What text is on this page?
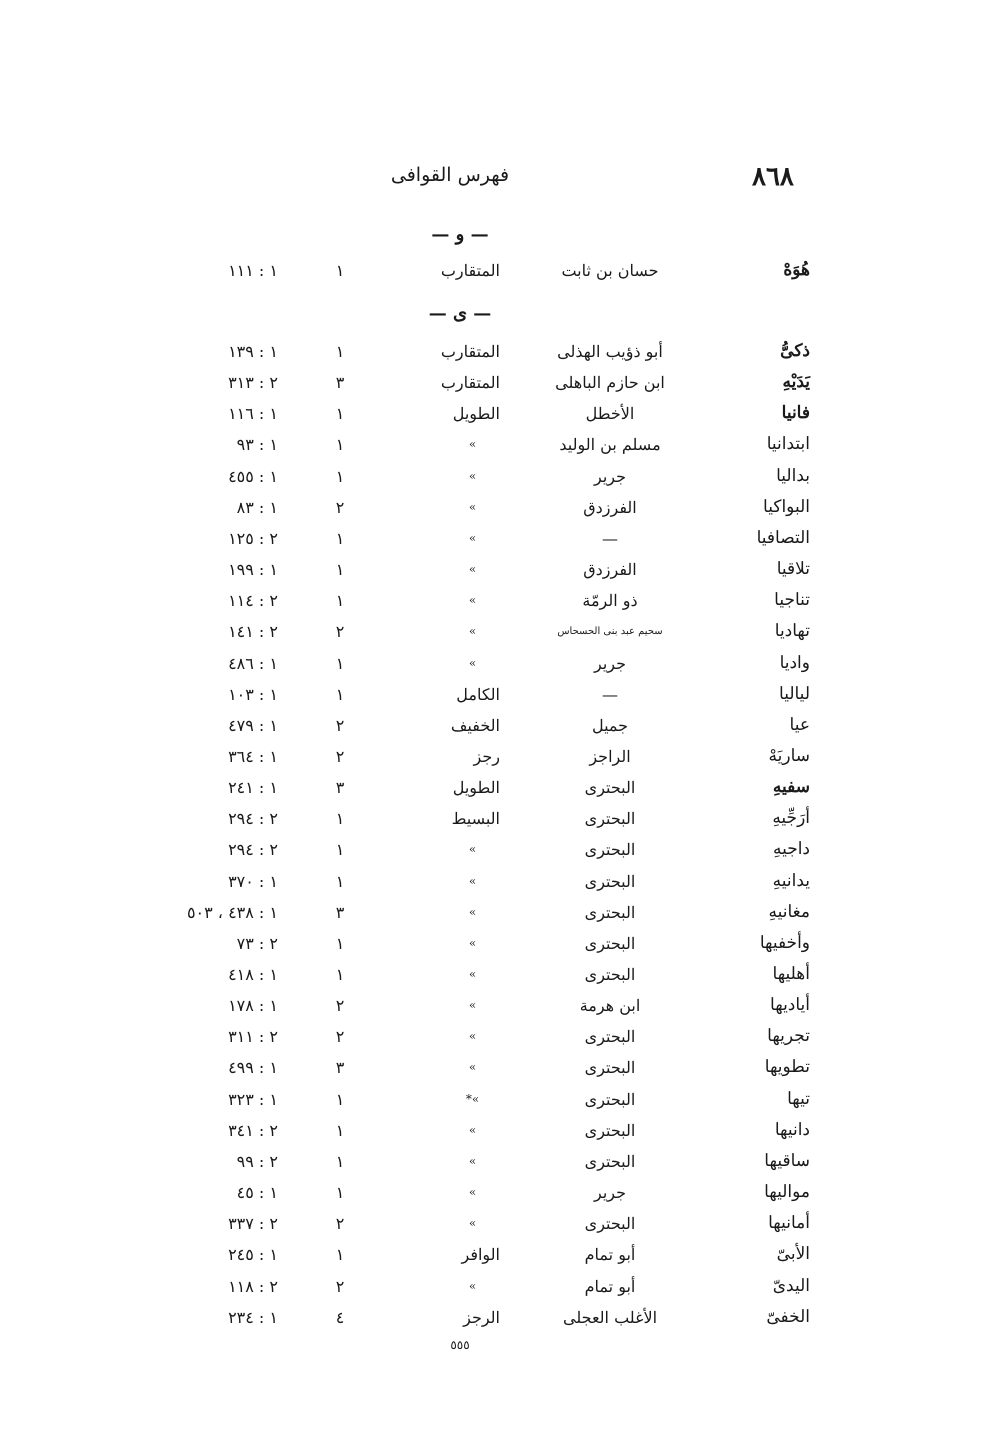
٨٦٨
فهرس القوافى
— و —
هُوَهْ
حسان بن ثابت
المتقارب
١
١ : ١١١
— ى —
ذكىُّ
أبو ذؤيب الهذلى
المتقارب
١
١ : ١٣٩
يَدَيْهِ
ابن حازم الباهلى
المتقارب
٣
٢ : ٣١٣
فانيا
الأخطل
الطويل
١
١ : ١١٦
ابتدانيا
مسلم بن الوليد
»
١
١ : ٩٣
بداليا
جرير
»
١
١ : ٤٥٥
البواكيا
الفرزدق
»
٢
١ : ٨٣
التصافيا
—
»
١
٢ : ١٢٥
تلاقيا
الفرزدق
»
١
١ : ١٩٩
تناجيا
ذو الرمّة
»
١
٢ : ١١٤
تهاديا
سحيم عبد بنى الحسحاس
»
٢
٢ : ١٤١
واديا
جرير
»
١
١ : ٤٨٦
لياليا
—
الكامل
١
١ : ١٠٣
عيا
جميل
الخفيف
٢
١ : ٤٧٩
ساريَهْ
الراجز
رجز
٢
١ : ٣٦٤
سفيهِ
البحترى
الطويل
٣
١ : ٢٤١
أرَجِّيهِ
البحترى
البسيط
١
٢ : ٢٩٤
داجيهِ
البحترى
»
١
٢ : ٢٩٤
يدانيهِ
البحترى
»
١
١ : ٣٧٠
مغانيهِ
البحترى
»
٣
١ : ٤٣٨ ، ٥٠٣
وأخفيها
البحترى
»
١
٢ : ٧٣
أهليها
البحترى
»
١
١ : ٤١٨
أياديها
ابن هرمة
»
٢
١ : ١٧٨
تجريها
البحترى
»
٢
٢ : ٣١١
تطويها
البحترى
»
٣
١ : ٤٩٩
تيها
البحترى
»*
١
١ : ٣٢٣
دانيها
البحترى
»
١
٢ : ٣٤١
ساقيها
البحترى
»
١
٢ : ٩٩
مواليها
جرير
»
١
١ : ٤٥
أمانيها
البحترى
»
٢
٢ : ٣٣٧
الأبىّ
أبو تمام
الوافر
١
١ : ٢٤٥
اليدىّ
أبو تمام
»
٢
٢ : ١١٨
الخفىّ
الأغلب العجلى
الرجز
٤
١ : ٢٣٤
٥٥٥
